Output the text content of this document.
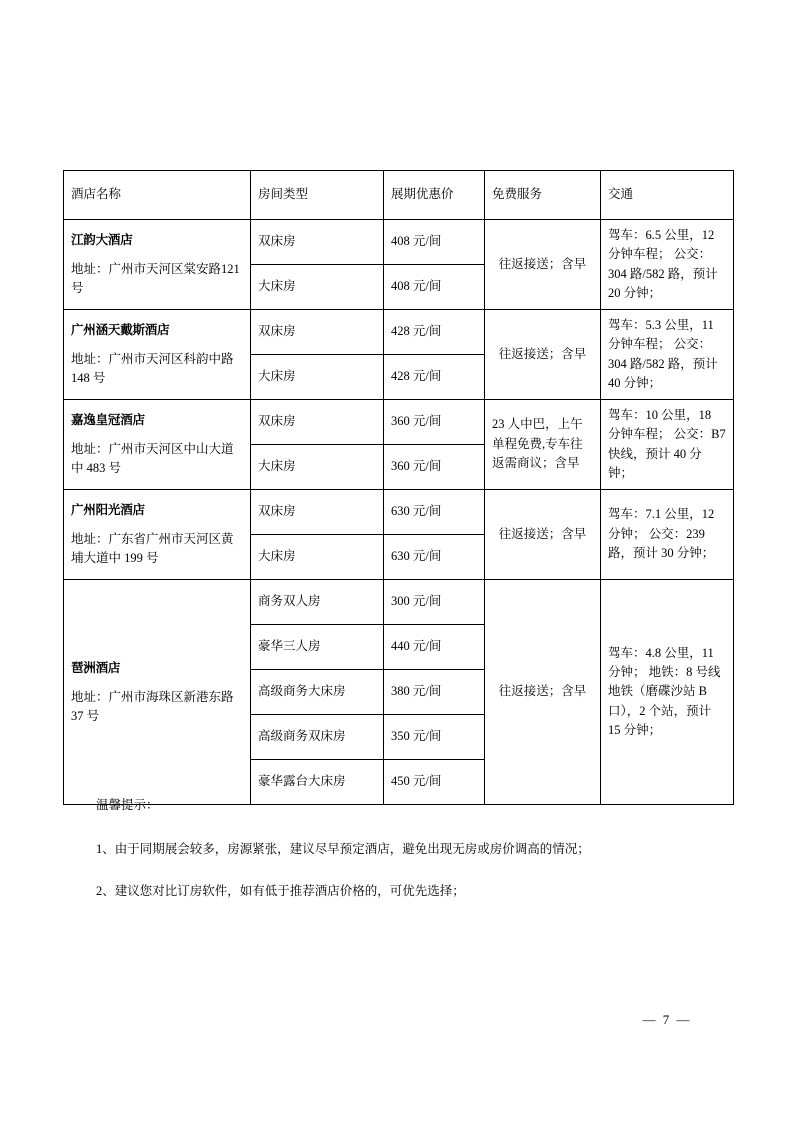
酒店名称	房间类型	展期优惠价	免费服务	交通

江韵大酒店
地址：广州市天河区棠安路121 号	双床房	408 元/间	往返接送；含早	驾车：6.5 公里，12 分钟车程； 公交：304 路/582 路，预计 20 分钟；
	大床房	408 元/间		

广州涵天戴斯酒店
地址：广州市天河区科韵中路148 号	双床房	428 元/间	往返接送；含早	驾车：5.3 公里，11 分钟车程； 公交：304 路/582 路，预计 40 分钟；
	大床房	428 元/间		

嘉逸皇冠酒店
地址：广州市天河区中山大道中 483 号	双床房	360 元/间	23 人中巴，上午单程免费,专车往返需商议；含早	驾车：10 公里，18 分钟车程； 公交：B7 快线，预计 40 分钟；
	大床房	360 元/间		

广州阳光酒店
地址：广东省广州市天河区黄埔大道中 199 号	双床房	630 元/间	往返接送；含早	驾车：7.1 公里，12 分钟； 公交：239 路，预计 30 分钟；
	大床房	630 元/间		

琶洲酒店
地址：广州市海珠区新港东路37 号	商务双人房	300 元/间	往返接送；含早	驾车：4.8 公里，11 分钟； 地铁：8 号线地铁（磨碟沙站 B 口），2 个站，预计 15 分钟；
	豪华三人房	440 元/间		
	高级商务大床房	380 元/间		
	高级商务双床房	350 元/间		
	豪华露台大床房	450 元/间		
温馨提示：
1、由于同期展会较多，房源紧张，建议尽早预定酒店，避免出现无房或房价调高的情况；
2、建议您对比订房软件，如有低于推荐酒店价格的，可优先选择；
— 7 —
